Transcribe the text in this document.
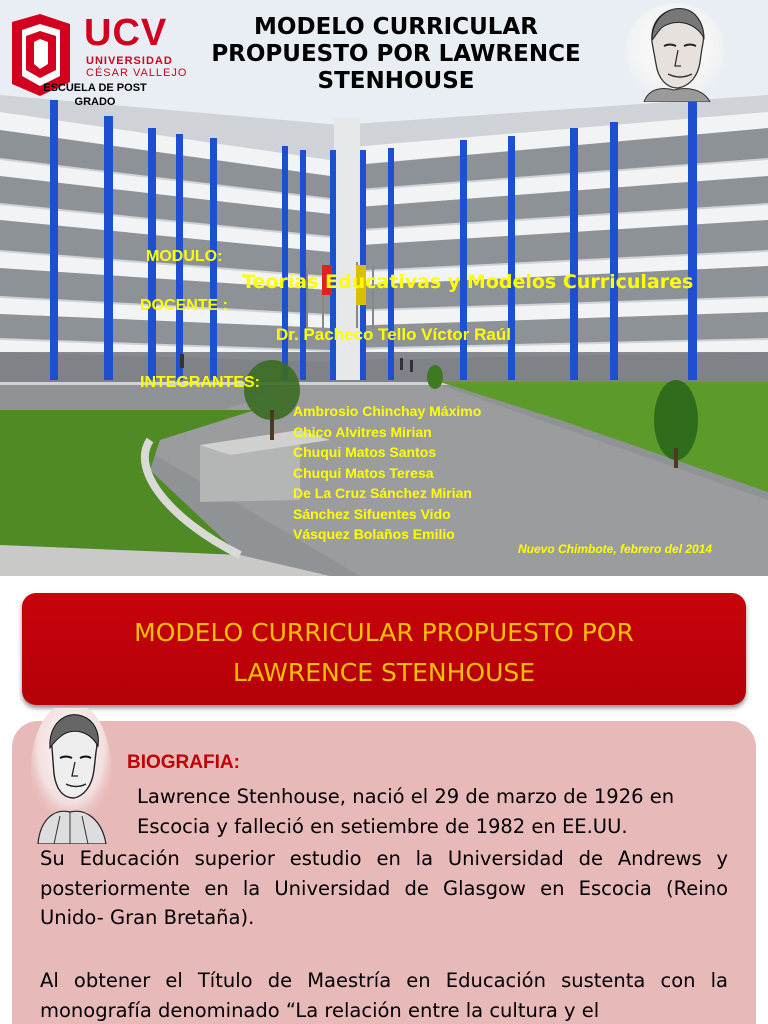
UCV
UNIVERSIDAD
CÉSAR VALLEJO
ESCUELA DE POST GRADO
MODELO CURRICULAR PROPUESTO POR LAWRENCE STENHOUSE
MODULO:
Teorías Educativas y Modelos Curriculares
DOCENTE :
Dr. Pacheco Tello Víctor Raúl
INTEGRANTES:
Ambrosio Chinchay Máximo
Chico Alvitres Mirian
Chuqui Matos Santos
Chuqui Matos Teresa
De La Cruz Sánchez Mirian
Sánchez Sifuentes Vido
Vásquez Bolaños Emilio
Nuevo Chimbote, febrero del 2014
MODELO CURRICULAR PROPUESTO POR
LAWRENCE STENHOUSE
BIOGRAFIA:

Lawrence Stenhouse, nació el 29 de marzo de 1926 en Escocia y falleció en setiembre de 1982 en EE.UU.

Su Educación superior estudio en la Universidad de Andrews y posteriormente en la Universidad de Glasgow en Escocia (Reino Unido- Gran Bretaña).

Al obtener el Título de Maestría en Educación sustenta con la monografía denominado “La relación entre la cultura y el
